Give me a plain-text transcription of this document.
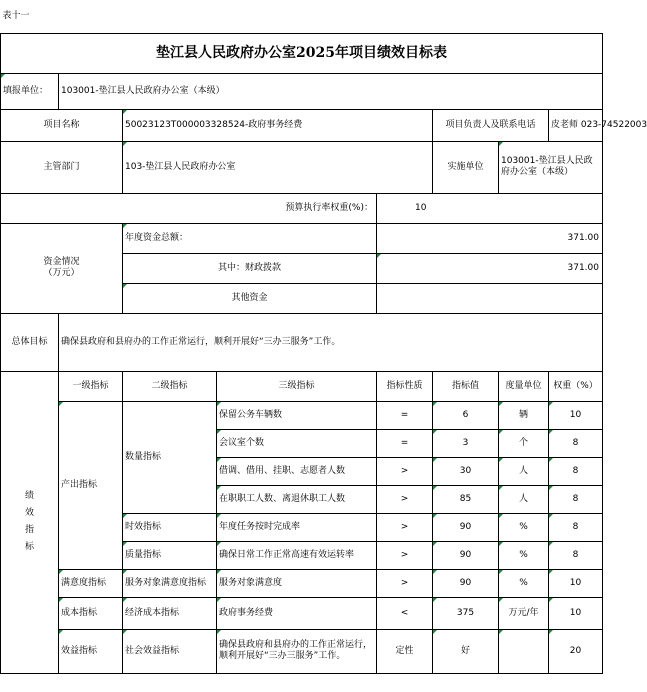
表十一							
垫江县人民政府办公室2025年项目绩效目标表							
填报单位：	103001-垫江县人民政府办公室（本级）						
项目名称		50023123T000003328524-政府事务经费			项目负责人及联系电话		皮老师 023-74522003
主管部门		103-垫江县人民政府办公室			实施单位	103001-垫江县人民政府办公室（本级）	
预算执行率权重(%)：				10			
资金情况
（万元）		年度资金总额：		371.00			
		其中：财政拨款		371.00			
		其他资金					
总体目标	确保县政府和县府办的工作正常运行，顺利开展好“三办三服务”工作。						
绩效指标	一级指标	二级指标	三级指标	指标性质	指标值	度量单位	权重（%）
	产出指标	数量指标	保留公务车辆数	=	6	辆	10
			会议室个数	=	3	个	8
			借调、借用、挂职、志愿者人数	>	30	人	8
			在职职工人数、离退休职工人数	>	85	人	8
		时效指标	年度任务按时完成率	>	90	%	8
		质量指标	确保日常工作正常高速有效运转率	>	90	%	8
	满意度指标	服务对象满意度指标	服务对象满意度	>	90	%	10
	成本指标	经济成本指标	政府事务经费	<	375	万元/年	10
	效益指标	社会效益指标	确保县政府和县府办的工作正常运行，顺利开展好“三办三服务”工作。	定性	好		20
